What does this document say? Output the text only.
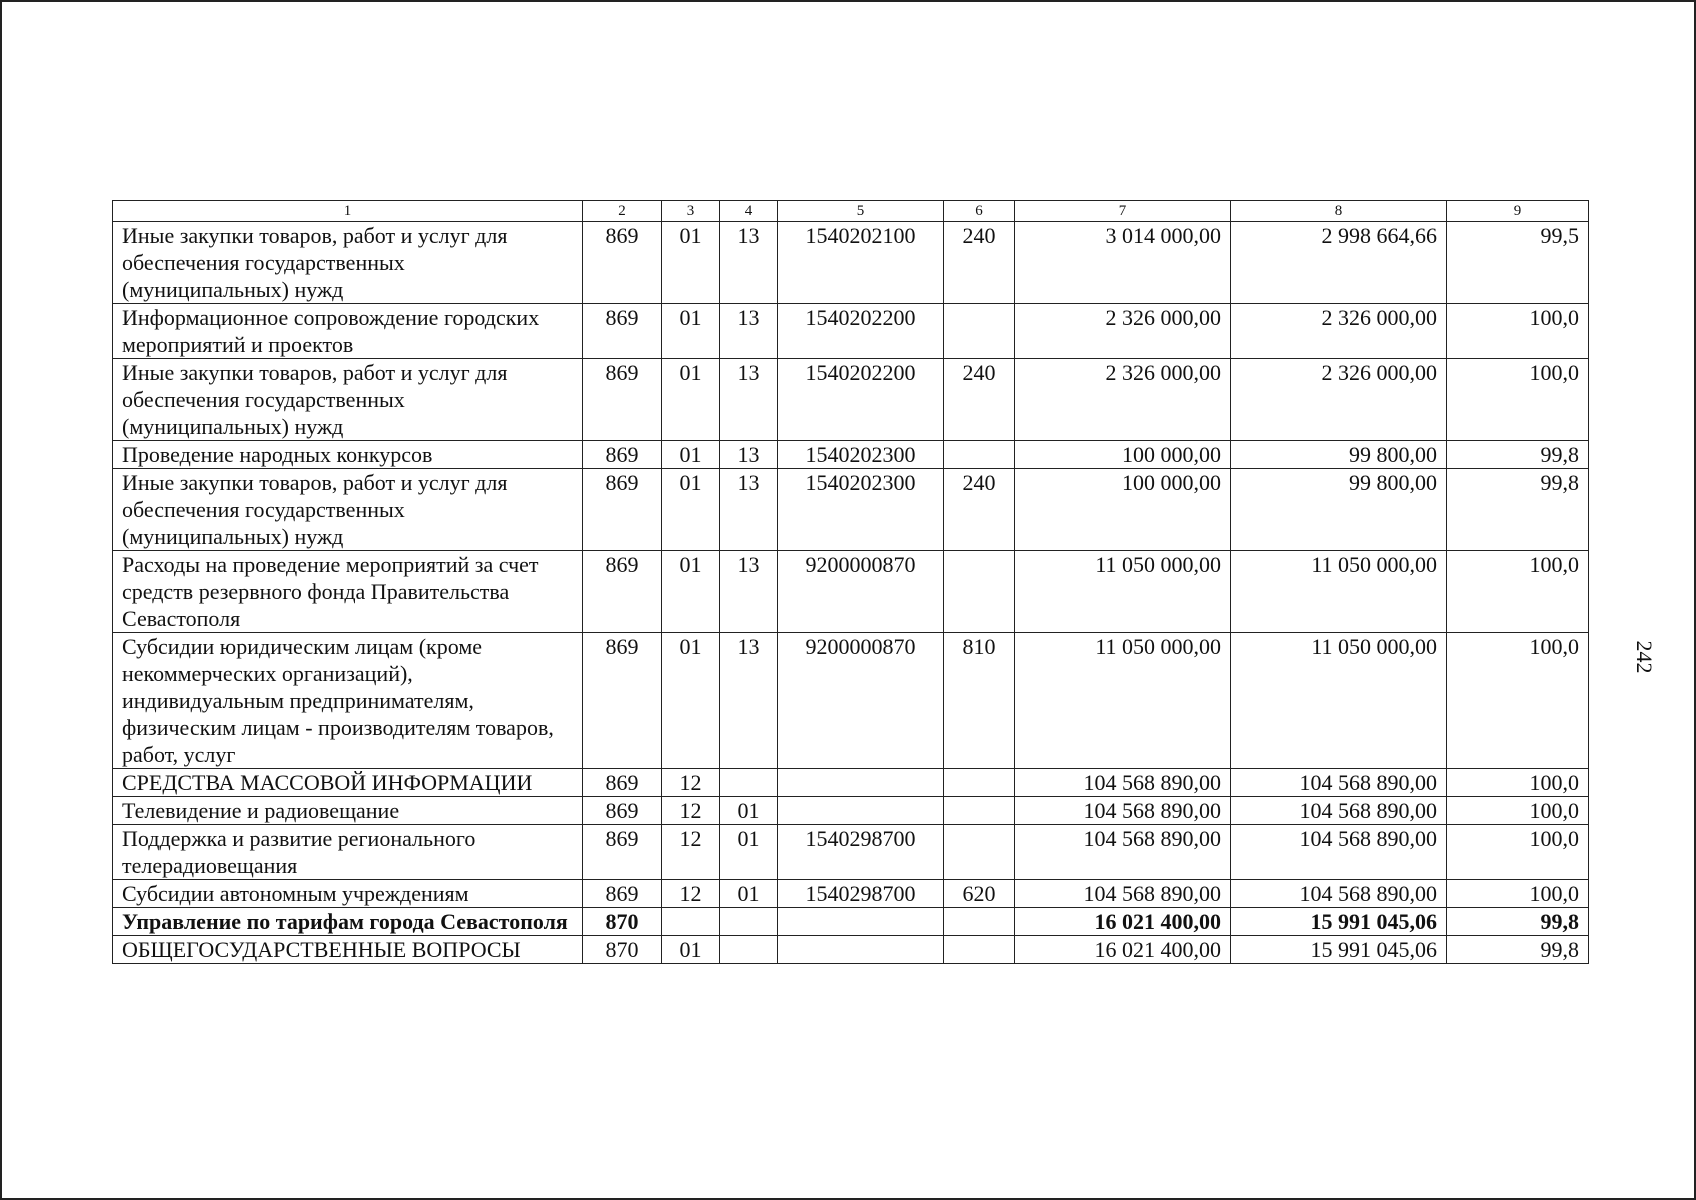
1	2	3	4	5	6	7	8	9
Иные закупки товаров, работ и услуг для обеспечения государственных (муниципальных) нужд	869	01	13	1540202100	240	3 014 000,00	2 998 664,66	99,5
Информационное сопровождение городских мероприятий и проектов	869	01	13	1540202200		2 326 000,00	2 326 000,00	100,0
Иные закупки товаров, работ и услуг для обеспечения государственных (муниципальных) нужд	869	01	13	1540202200	240	2 326 000,00	2 326 000,00	100,0
Проведение народных конкурсов	869	01	13	1540202300		100 000,00	99 800,00	99,8
Иные закупки товаров, работ и услуг для обеспечения государственных (муниципальных) нужд	869	01	13	1540202300	240	100 000,00	99 800,00	99,8
Расходы на проведение мероприятий за счет средств резервного фонда Правительства Севастополя	869	01	13	9200000870		11 050 000,00	11 050 000,00	100,0
Субсидии юридическим лицам (кроме некоммерческих организаций), индивидуальным предпринимателям, физическим лицам - производителям товаров, работ, услуг	869	01	13	9200000870	810	11 050 000,00	11 050 000,00	100,0
СРЕДСТВА МАССОВОЙ ИНФОРМАЦИИ	869	12				104 568 890,00	104 568 890,00	100,0
Телевидение и радиовещание	869	12	01			104 568 890,00	104 568 890,00	100,0
Поддержка и развитие регионального телерадиовещания	869	12	01	1540298700		104 568 890,00	104 568 890,00	100,0
Субсидии автономным учреждениям	869	12	01	1540298700	620	104 568 890,00	104 568 890,00	100,0
Управление по тарифам города Севастополя	870					16 021 400,00	15 991 045,06	99,8
ОБЩЕГОСУДАРСТВЕННЫЕ ВОПРОСЫ	870	01				16 021 400,00	15 991 045,06	99,8
242
